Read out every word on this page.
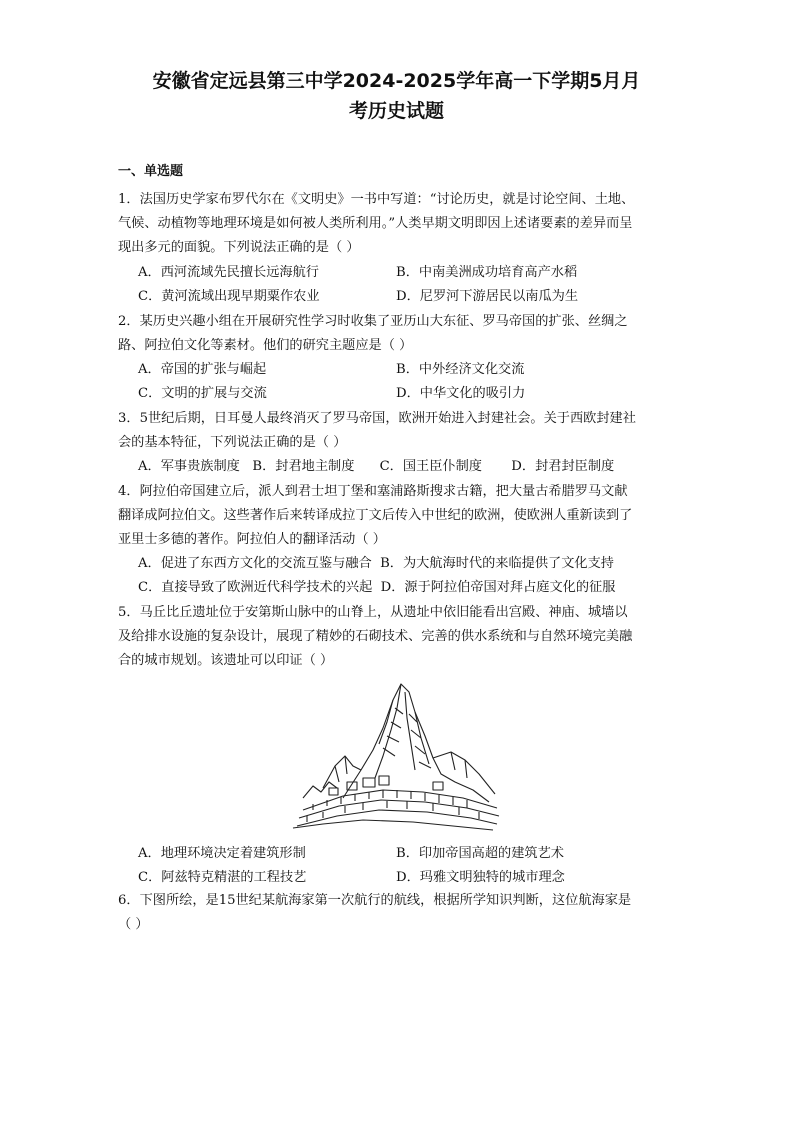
安徽省定远县第三中学2024-2025学年高一下学期5月月
考历史试题
一、单选题
1．法国历史学家布罗代尔在《文明史》一书中写道：“讨论历史，就是讨论空间、土地、
气候、动植物等地理环境是如何被人类所利用。”人类早期文明即因上述诸要素的差异而呈
现出多元的面貌。下列说法正确的是（ ）
A．西河流域先民擅长远海航行	B．中南美洲成功培育高产水稻
C．黄河流域出现早期粟作农业	D．尼罗河下游居民以南瓜为生
2．某历史兴趣小组在开展研究性学习时收集了亚历山大东征、罗马帝国的扩张、丝绸之
路、阿拉伯文化等素材。他们的研究主题应是（ ）
A．帝国的扩张与崛起	B．中外经济文化交流
C．文明的扩展与交流	D．中华文化的吸引力
3．5世纪后期，日耳曼人最终消灭了罗马帝国，欧洲开始进入封建社会。关于西欧封建社
会的基本特征，下列说法正确的是（ ）
A．军事贵族制度   B．封君地主制度      C．国王臣仆制度       D．封君封臣制度
4．阿拉伯帝国建立后，派人到君士坦丁堡和塞浦路斯搜求古籍，把大量古希腊罗马文献
翻译成阿拉伯文。这些著作后来转译成拉丁文后传入中世纪的欧洲，使欧洲人重新读到了
亚里士多德的著作。阿拉伯人的翻译活动（ ）
A．促进了东西方文化的交流互鉴与融合  B．为大航海时代的来临提供了文化支持
C．直接导致了欧洲近代科学技术的兴起  D．源于阿拉伯帝国对拜占庭文化的征服
5．马丘比丘遗址位于安第斯山脉中的山脊上，从遗址中依旧能看出宫殿、神庙、城墙以
及给排水设施的复杂设计，展现了精妙的石砌技术、完善的供水系统和与自然环境完美融
合的城市规划。该遗址可以印证（ ）
A．地理环境决定着建筑形制	B．印加帝国高超的建筑艺术
C．阿兹特克精湛的工程技艺	D．玛雅文明独特的城市理念
6．下图所绘，是15世纪某航海家第一次航行的航线，根据所学知识判断，这位航海家是
（ ）
